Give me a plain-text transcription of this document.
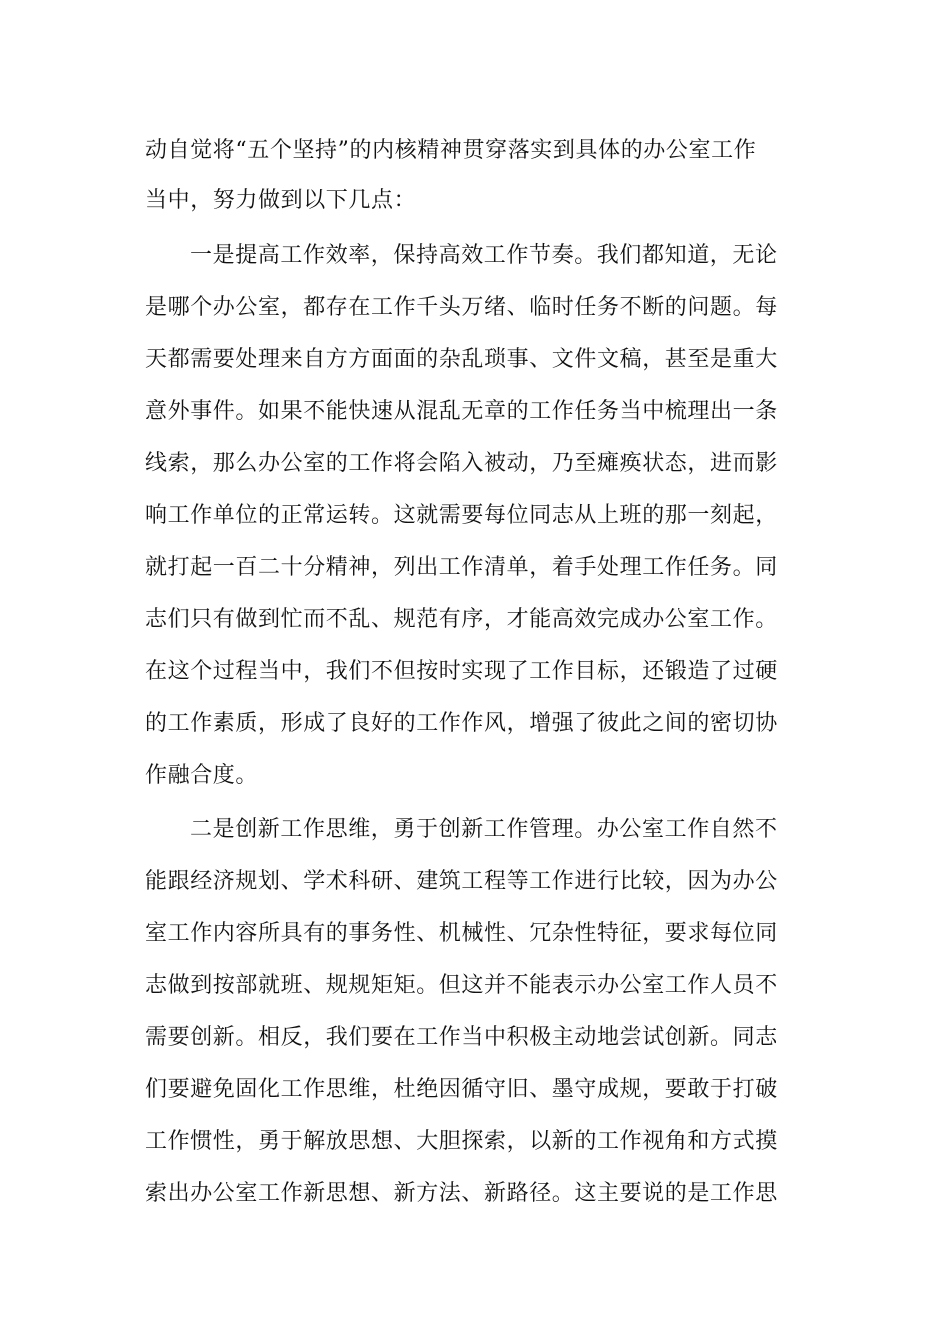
动自觉将“五个坚持”的内核精神贯穿落实到具体的办公室工作
当中，努力做到以下几点：
一是提高工作效率，保持高效工作节奏。我们都知道，无论
是哪个办公室，都存在工作千头万绪、临时任务不断的问题。每
天都需要处理来自方方面面的杂乱琐事、文件文稿，甚至是重大
意外事件。如果不能快速从混乱无章的工作任务当中梳理出一条
线索，那么办公室的工作将会陷入被动，乃至瘫痪状态，进而影
响工作单位的正常运转。这就需要每位同志从上班的那一刻起，
就打起一百二十分精神，列出工作清单，着手处理工作任务。同
志们只有做到忙而不乱、规范有序，才能高效完成办公室工作。
在这个过程当中，我们不但按时实现了工作目标，还锻造了过硬
的工作素质，形成了良好的工作作风，增强了彼此之间的密切协
作融合度。
二是创新工作思维，勇于创新工作管理。办公室工作自然不
能跟经济规划、学术科研、建筑工程等工作进行比较，因为办公
室工作内容所具有的事务性、机械性、冗杂性特征，要求每位同
志做到按部就班、规规矩矩。但这并不能表示办公室工作人员不
需要创新。相反，我们要在工作当中积极主动地尝试创新。同志
们要避免固化工作思维，杜绝因循守旧、墨守成规，要敢于打破
工作惯性，勇于解放思想、大胆探索，以新的工作视角和方式摸
索出办公室工作新思想、新方法、新路径。这主要说的是工作思
